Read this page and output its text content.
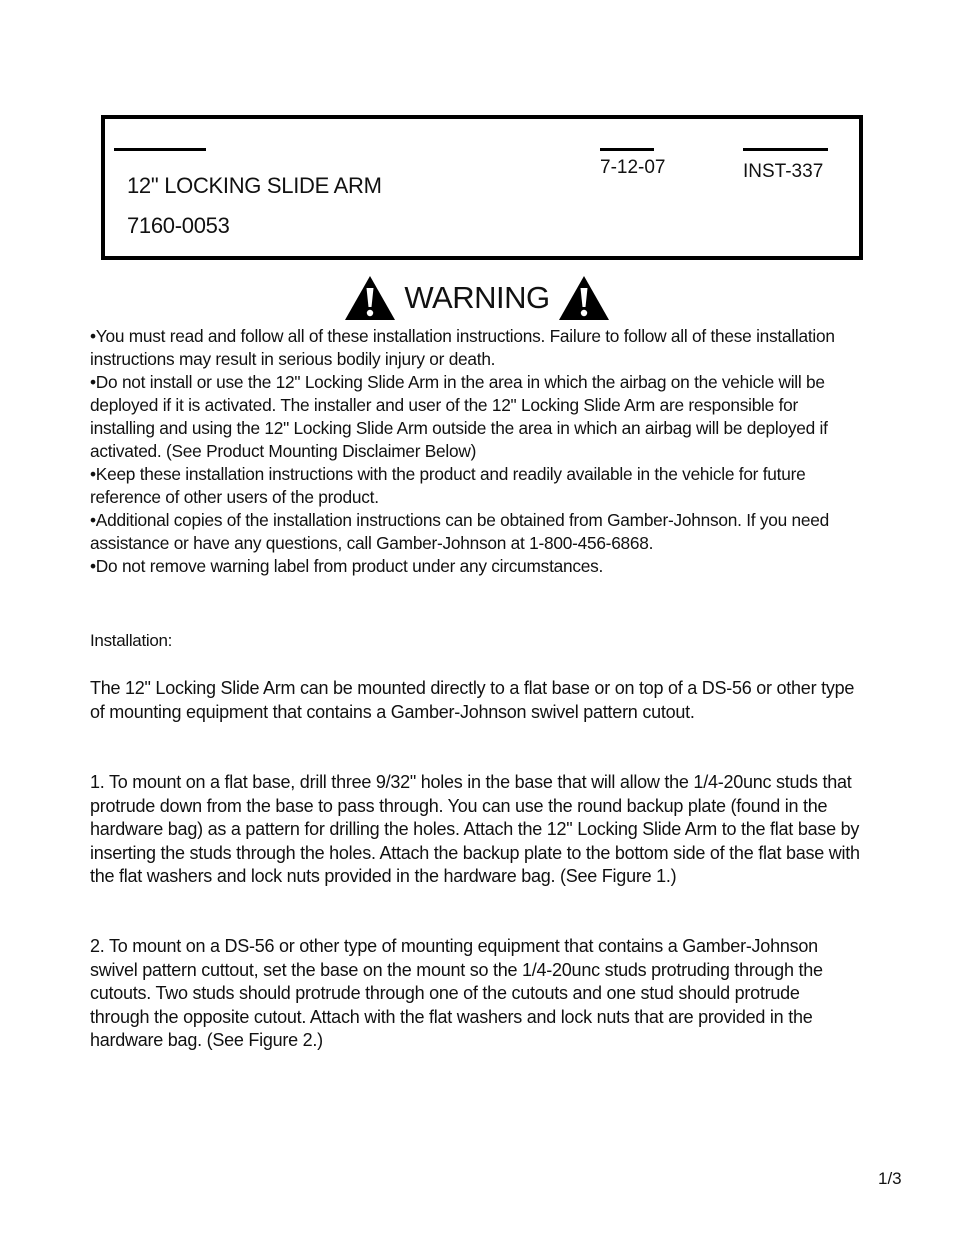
12" LOCKING SLIDE ARM
7160-0053
7-12-07	INST-337
WARNING

•You must read and follow all of these installation instructions. Failure to follow all of these installation instructions may result in serious bodily injury or death.

•Do not install or use the 12" Locking Slide Arm in the area in which the airbag on the vehicle will be deployed if it is activated. The installer and user of the 12" Locking Slide Arm are responsible for installing and using the 12" Locking Slide Arm outside the area in which an airbag will be deployed if activated. (See Product Mounting Disclaimer Below)

•Keep these installation instructions with the product and readily available in the vehicle for future reference of other users of the product.

•Additional copies of the installation instructions can be obtained from Gamber-Johnson. If you need assistance or have any questions, call Gamber-Johnson at 1-800-456-6868.

•Do not remove warning label from product under any circumstances.

Installation:

The 12" Locking Slide Arm can be mounted directly to a flat base or on top of a DS-56 or other type of mounting equipment that contains a Gamber-Johnson swivel pattern cutout.

1. To mount on a flat base, drill three 9/32" holes in the base that will allow the 1/4-20unc studs that protrude down from the base to pass through. You can use the round backup plate (found in the hardware bag) as a pattern for drilling the holes. Attach the 12" Locking Slide Arm to the flat base by inserting the studs through the holes. Attach the backup plate to the bottom side of the flat base with the flat washers and lock nuts provided in the hardware bag. (See Figure 1.)

2. To mount on a DS-56 or other type of mounting equipment that contains a Gamber-Johnson swivel pattern cuttout, set the base on the mount so the 1/4-20unc studs protruding through the cutouts. Two studs should protrude through one of the cutouts and one stud should protrude through the opposite cutout. Attach with the flat washers and lock nuts that are provided in the hardware bag. (See Figure 2.)

1/3
